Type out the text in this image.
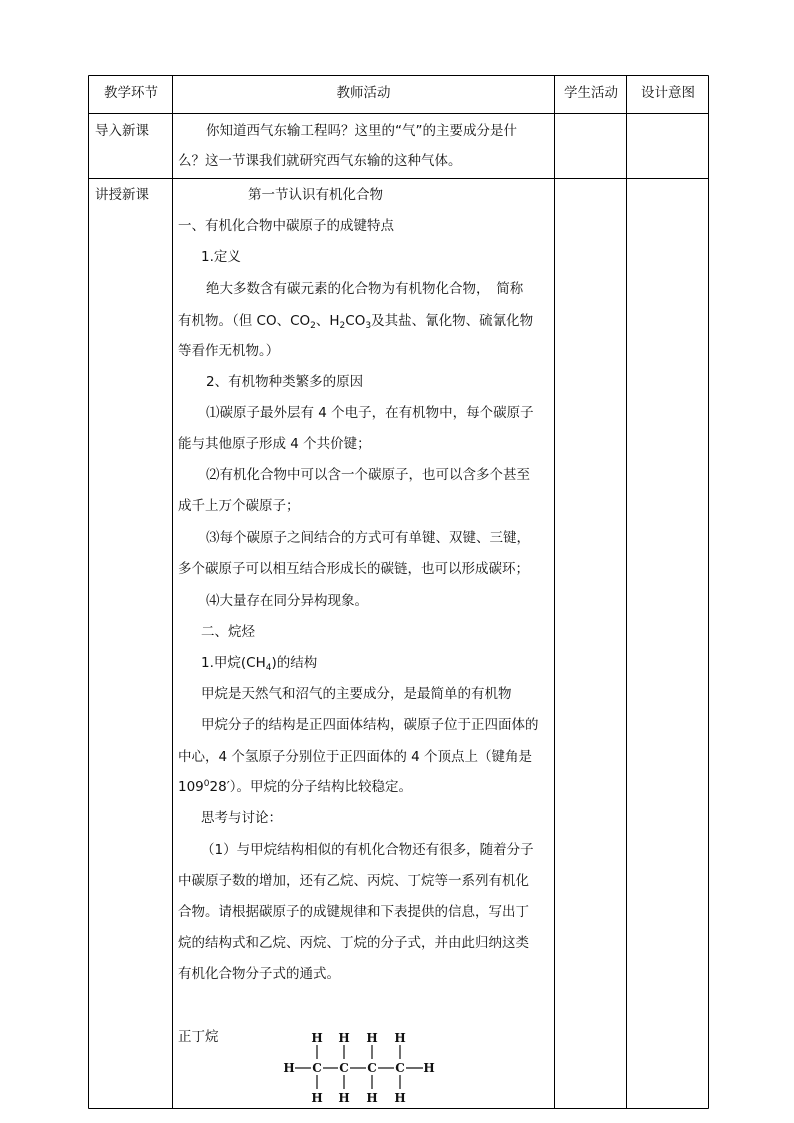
教学环节	教师活动	学生活动	设计意图
导入新课	你知道西气东输工程吗？这里的“气”的主要成分是什
么？这一节课我们就研究西气东输的这种气体。
讲授新课	第一节认识有机化合物
一、有机化合物中碳原子的成键特点
1.定义
绝大多数含有碳元素的化合物为有机物化合物，　简称
有机物。（但 CO、$CO_2$、$H_2CO_3$及其盐、氰化物、硫氰化物
等看作无机物。）
2、有机物种类繁多的原因
⑴碳原子最外层有 4 个电子，在有机物中，每个碳原子
能与其他原子形成 4 个共价键；
⑵有机化合物中可以含一个碳原子，也可以含多个甚至
成千上万个碳原子；
⑶每个碳原子之间结合的方式可有单键、双键、三键，
多个碳原子可以相互结合形成长的碳链，也可以形成碳环；
⑷大量存在同分异构现象。
二、烷烃
1.甲烷$(CH_4)$的结构
甲烷是天然气和沼气的主要成分，是最简单的有机物
甲烷分子的结构是正四面体结构，碳原子位于正四面体的
中心，4 个氢原子分别位于正四面体的 4 个顶点上（键角是
$109^028'$）。甲烷的分子结构比较稳定。
思考与讨论：
（1）与甲烷结构相似的有机化合物还有很多，随着分子
中碳原子数的增加，还有乙烷、丙烷、丁烷等一系列有机化
合物。请根据碳原子的成键规律和下表提供的信息，写出丁
烷的结构式和乙烷、丙烷、丁烷的分子式，并由此归纳这类
有机化合物分子式的通式。
正丁烷	H H H H
H C C C C H
H H H H
